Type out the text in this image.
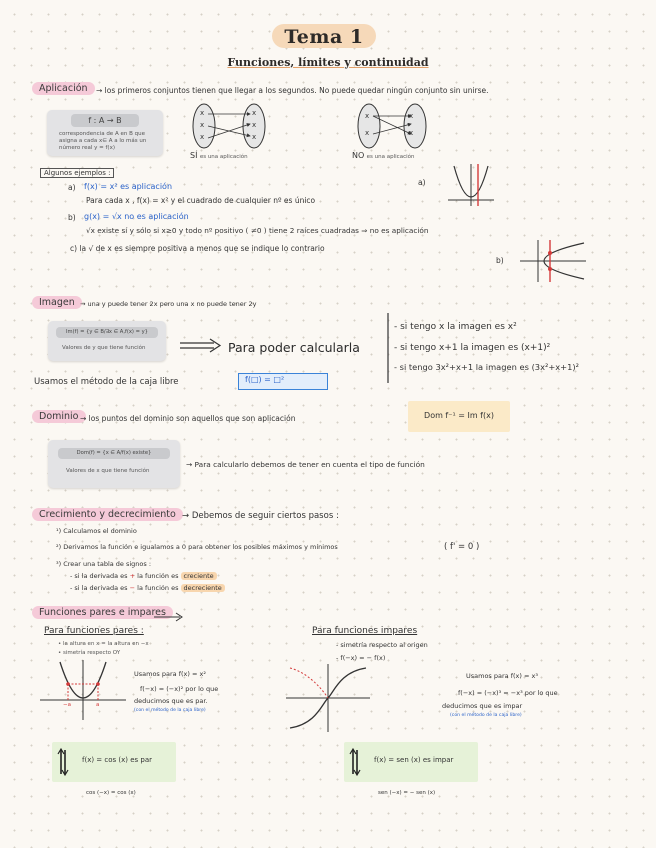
Tema 1
Funciones, límites y continuidad
Aplicación	→ los primeros conjuntos tienen que llegar a los segundos. No puede quedar ningún conjunto sin unirse.
f : A → B
correspondencia de A en B que
asigna a cada x∈ A a lo más un
número real y = f(x)
x
x
x
x
x
x
SÍ es una aplicación
x
x
x
x
NO es una aplicación
Algunos ejemplos :
a) f(x) = x² es aplicación
Para cada x , f(x) = x² y el cuadrado de cualquier nº es único
b) g(x) = √x no es aplicación
√x existe sí y sólo si x≥0 y todo nº positivo ( ≠0 ) tiene 2 raíces cuadradas ⇒ no es aplicación
c) la √ de x es siempre positiva a menos que se indique lo contrario
a)
b)
Imagen → una y puede tener 2x pero una x no puede tener 2y
Im(f) = {y ∈ B/∃x ∈ A,f(x) = y}
Valores de y que tiene función	Para poder calcularla
- si tengo x la imagen es x²
- si tengo x+1 la imagen es (x+1)²
- si tengo 3x²+x+1 la imagen es (3x²+x+1)²
Usamos el método de la caja libre	f(□) = □²
Dominio → los puntos del dominio son aquellos que son aplicación	Dom f⁻¹ = Im f(x)
Dom(f) = {x ∈ A/f(x) existe}
Valores de x que tiene función
→ Para calcularlo debemos de tener en cuenta el tipo de función
Crecimiento y decrecimiento → Debemos de seguir ciertos pasos :
¹) Calculamos el dominio
²) Derivamos la función e igualamos a 0 para obtener los posibles máximos y mínimos	( f' = 0 )
³) Crear una tabla de signos :
- si la derivada es + la función es creciente
- si la derivada es − la función es decreciente
Funciones pares e impares
Para funciones pares :
• la altura en x = la altura en −x
• simetría respecto OY
−a	a
Usamos para f(x) = x²
f(−x) = (−x)² por lo que
deducimos que es par.
(con el método de la caja libre)
f(x) = cos (x) es par
cos (−x) = cos (x)
Para funciones impares
- simetría respecto al origen
- f(−x) = − f(x)
Usamos para f(x) = x³
f(−x) = (−x)³ = −x³ por lo que
deducimos que es impar
(con el método de la caja libre)
f(x) = sen (x) es impar
sen (−x) = − sen (x)
